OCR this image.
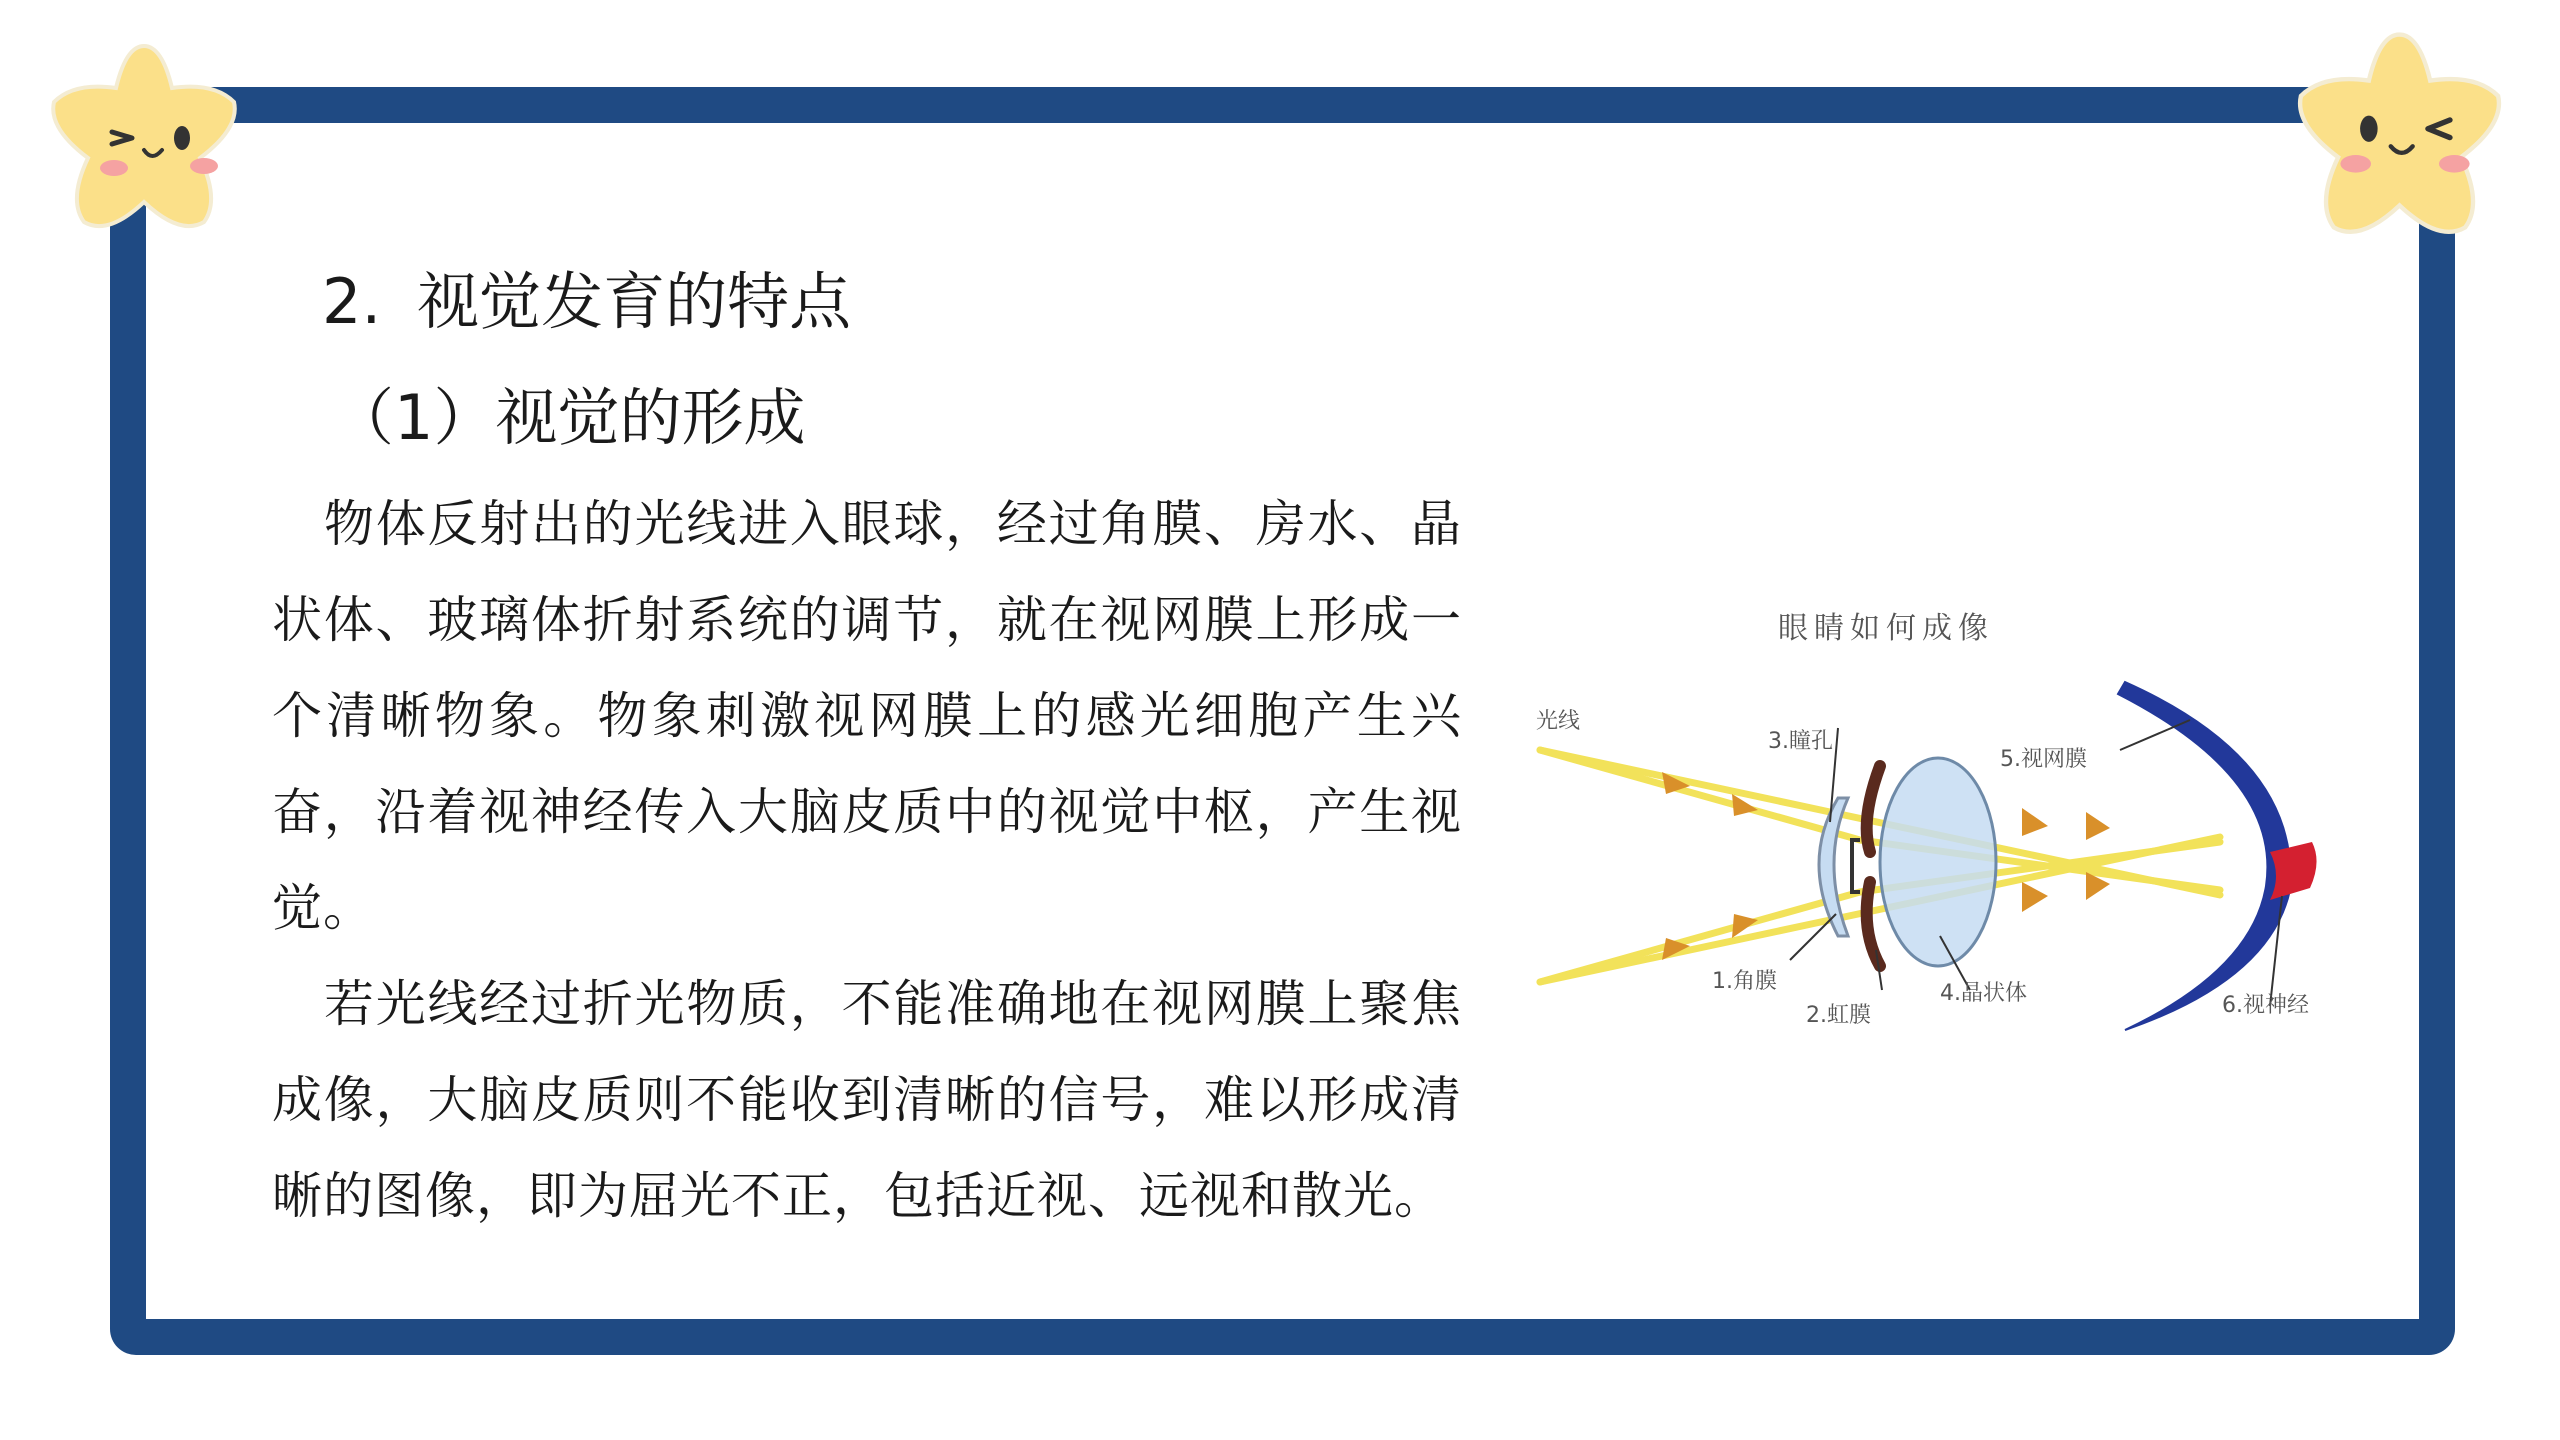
2. 视觉发育的特点
（1）视觉的形成

物体反射出的光线进入眼球，经过角膜、房水、晶状体、玻璃体折射系统的调节，就在视网膜上形成一个清晰物象。物象刺激视网膜上的感光细胞产生兴奋，沿着视神经传入大脑皮质中的视觉中枢，产生视觉。

若光线经过折光物质，不能准确地在视网膜上聚焦成像，大脑皮质则不能收到清晰的信号，难以形成清晰的图像，即为屈光不正，包括近视、远视和散光。

眼睛如何成像
光线
3.瞳孔
5.视网膜
1.角膜
2.虹膜
4.晶状体	6.视神经
